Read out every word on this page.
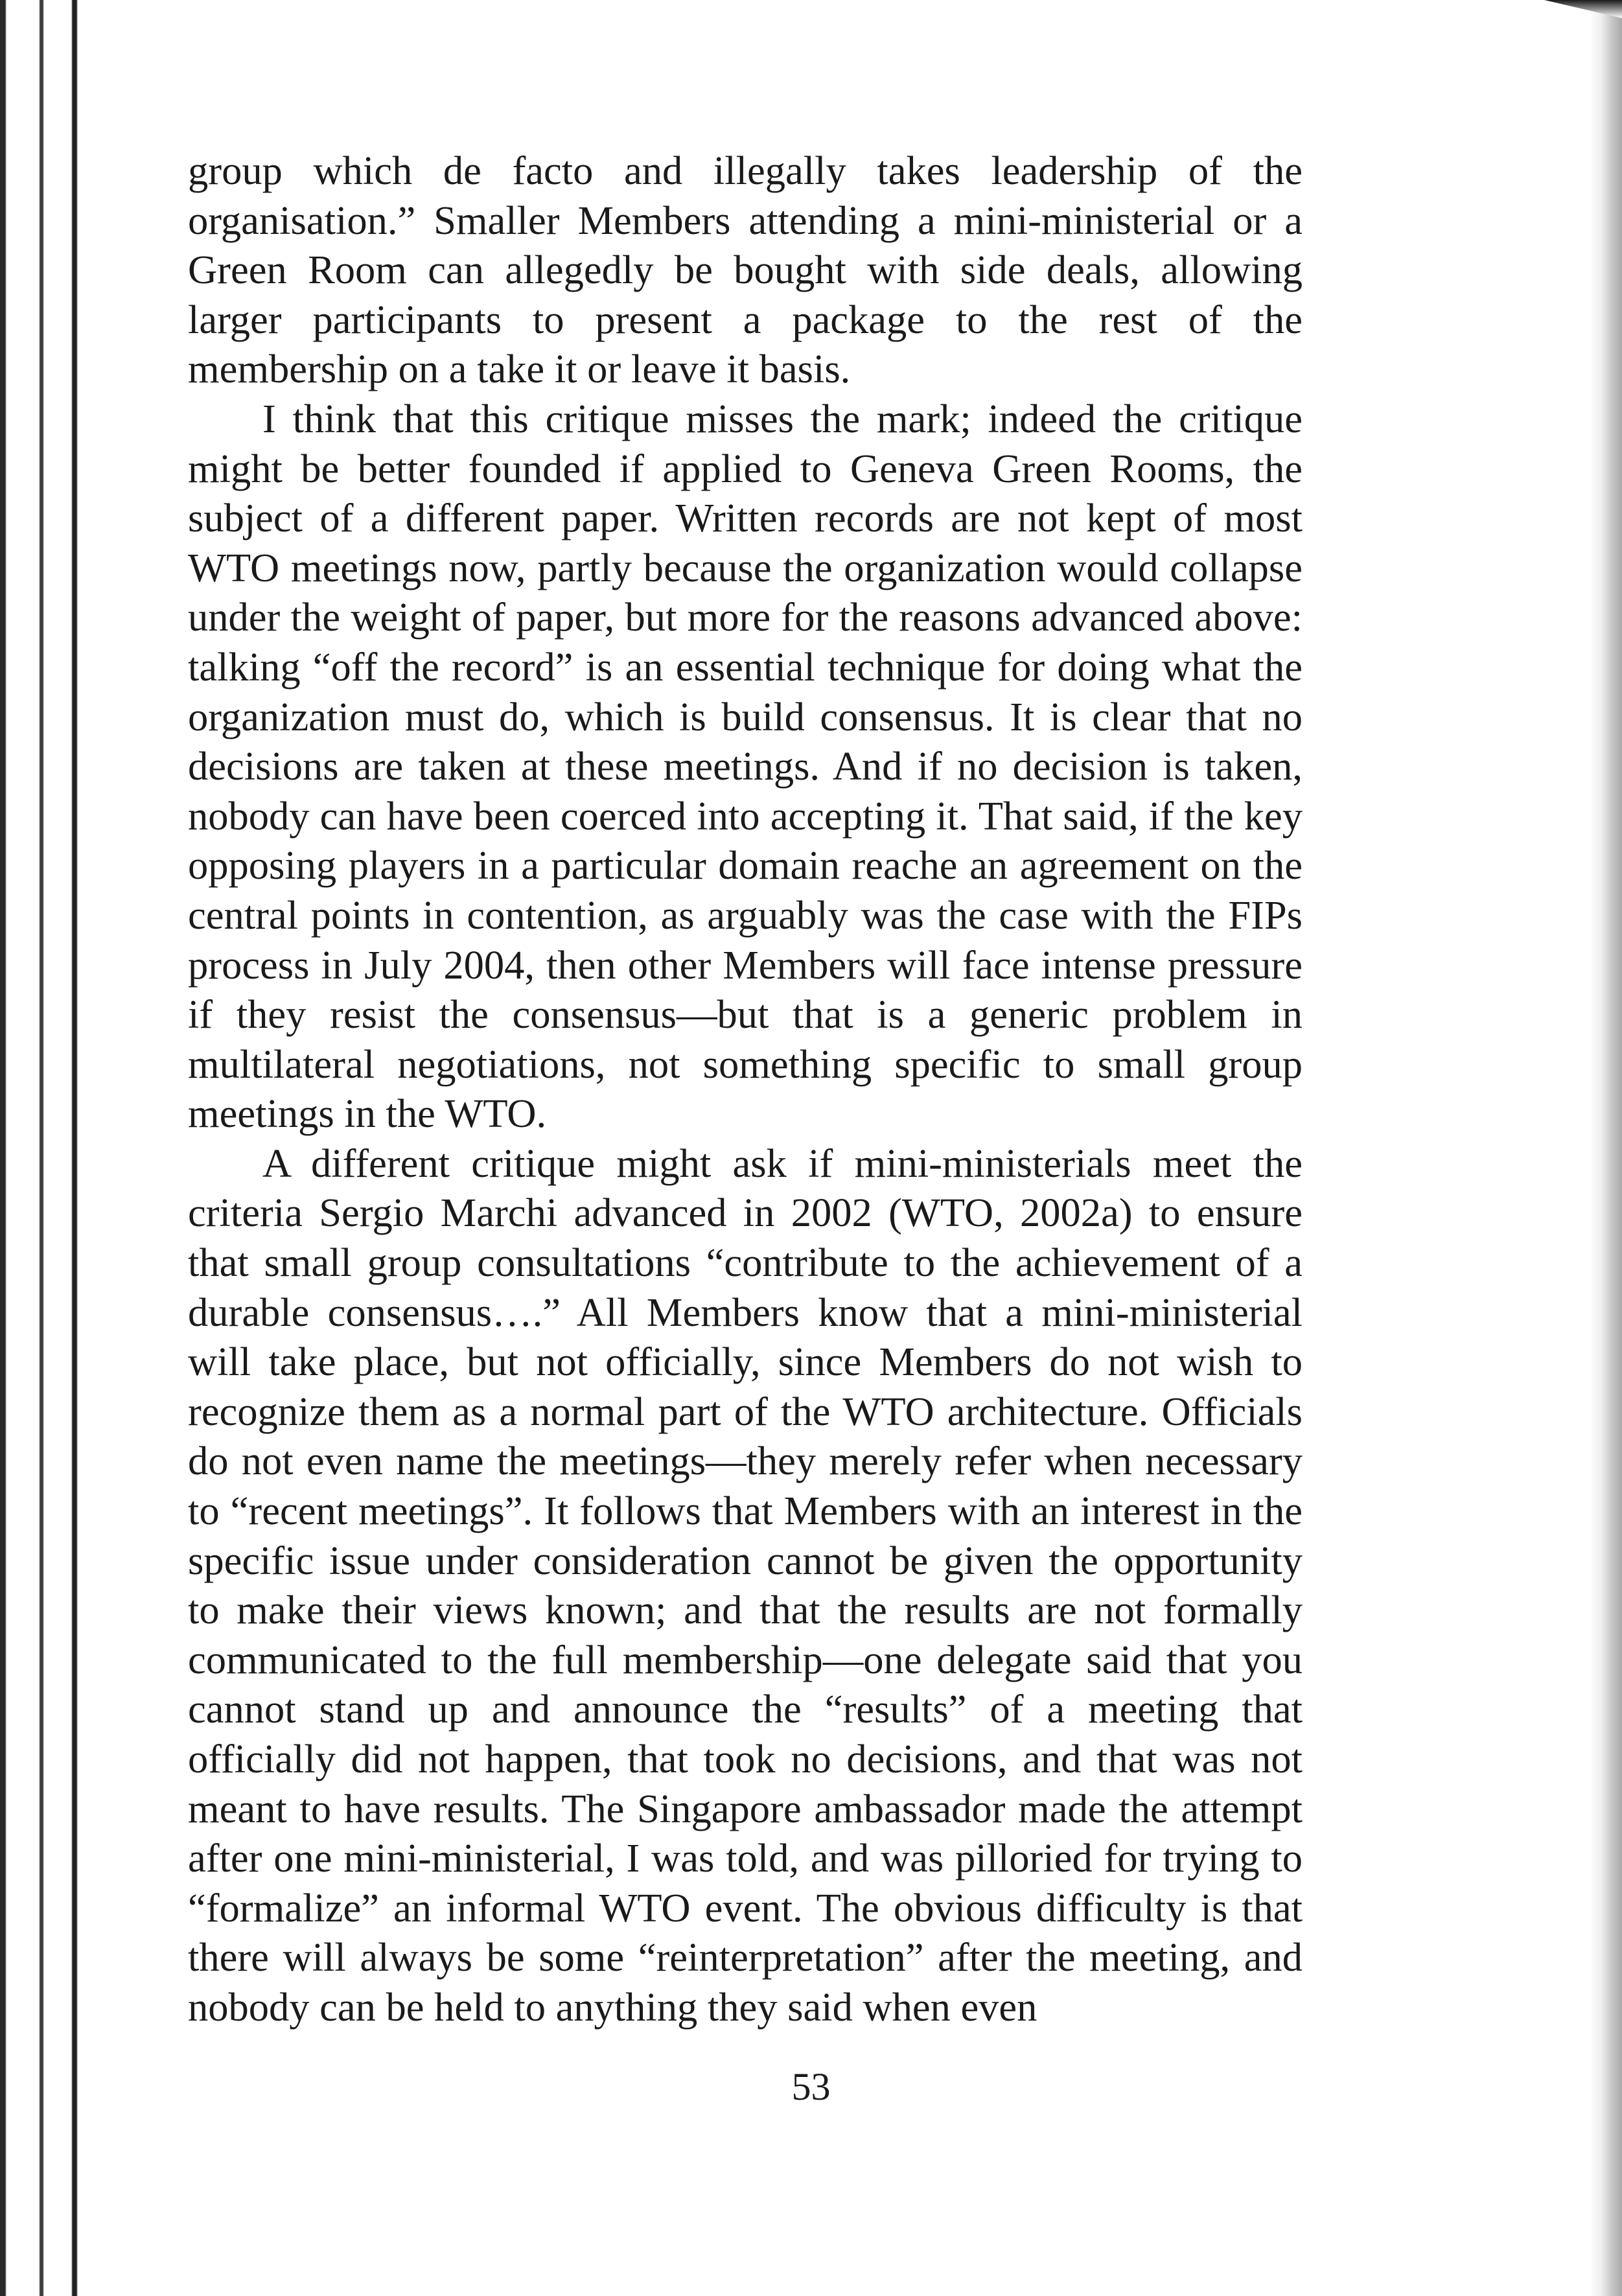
group which de facto and illegally takes leadership of the organisation.” Smaller Members attending a mini-ministerial or a Green Room can allegedly be bought with side deals, allowing larger participants to present a package to the rest of the membership on a take it or leave it basis.

I think that this critique misses the mark; indeed the critique might be better founded if applied to Geneva Green Rooms, the subject of a different paper. Written records are not kept of most WTO meetings now, partly because the organization would collapse under the weight of paper, but more for the reasons advanced above: talking “off the record” is an essential technique for doing what the organization must do, which is build consensus. It is clear that no decisions are taken at these meetings. And if no decision is taken, nobody can have been coerced into accepting it. That said, if the key opposing players in a particular domain reache an agreement on the central points in contention, as arguably was the case with the FIPs process in July 2004, then other Members will face intense pressure if they resist the consensus—but that is a generic problem in multilateral negotiations, not something specific to small group meetings in the WTO.

A different critique might ask if mini-ministerials meet the criteria Sergio Marchi advanced in 2002 (WTO, 2002a) to ensure that small group consultations “contribute to the achievement of a durable consensus….” All Members know that a mini-ministerial will take place, but not officially, since Members do not wish to recognize them as a normal part of the WTO architecture. Officials do not even name the meetings—they merely refer when necessary to “recent meetings”. It follows that Members with an interest in the specific issue under consideration cannot be given the opportunity to make their views known; and that the results are not formally communicated to the full membership—one delegate said that you cannot stand up and announce the “results” of a meeting that officially did not happen, that took no decisions, and that was not meant to have results. The Singapore ambassador made the attempt after one mini-ministerial, I was told, and was pilloried for trying to “formalize” an informal WTO event. The obvious difficulty is that there will always be some “reinterpretation” after the meeting, and nobody can be held to anything they said when even

53
